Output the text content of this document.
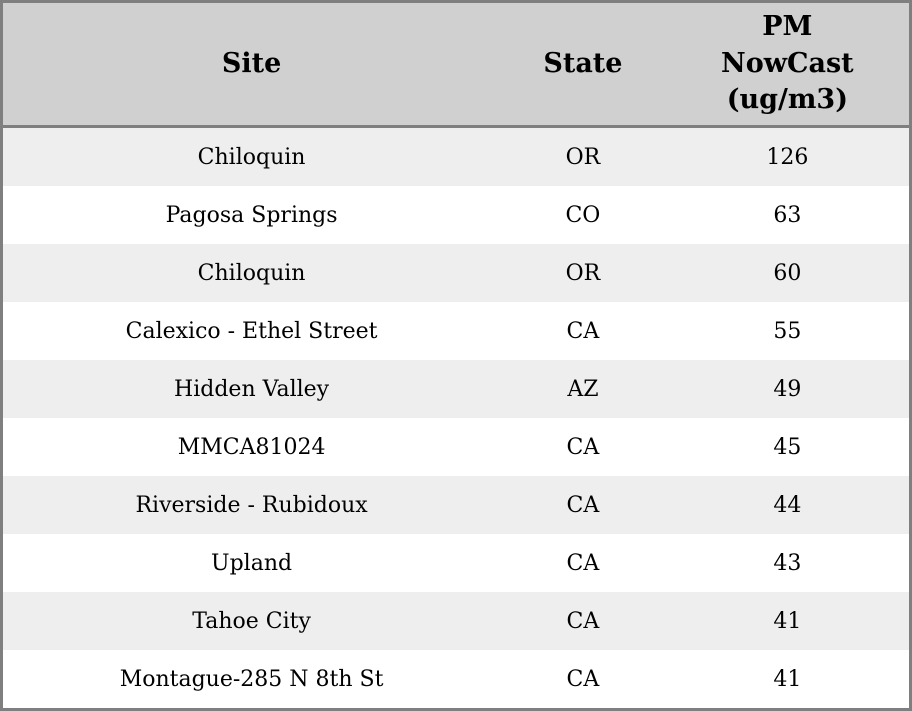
Site	State	PM NowCast (ug/m3)
Chiloquin	OR	126
Pagosa Springs	CO	63
Chiloquin	OR	60
Calexico - Ethel Street	CA	55
Hidden Valley	AZ	49
MMCA81024	CA	45
Riverside - Rubidoux	CA	44
Upland	CA	43
Tahoe City	CA	41
Montague-285 N 8th St	CA	41
